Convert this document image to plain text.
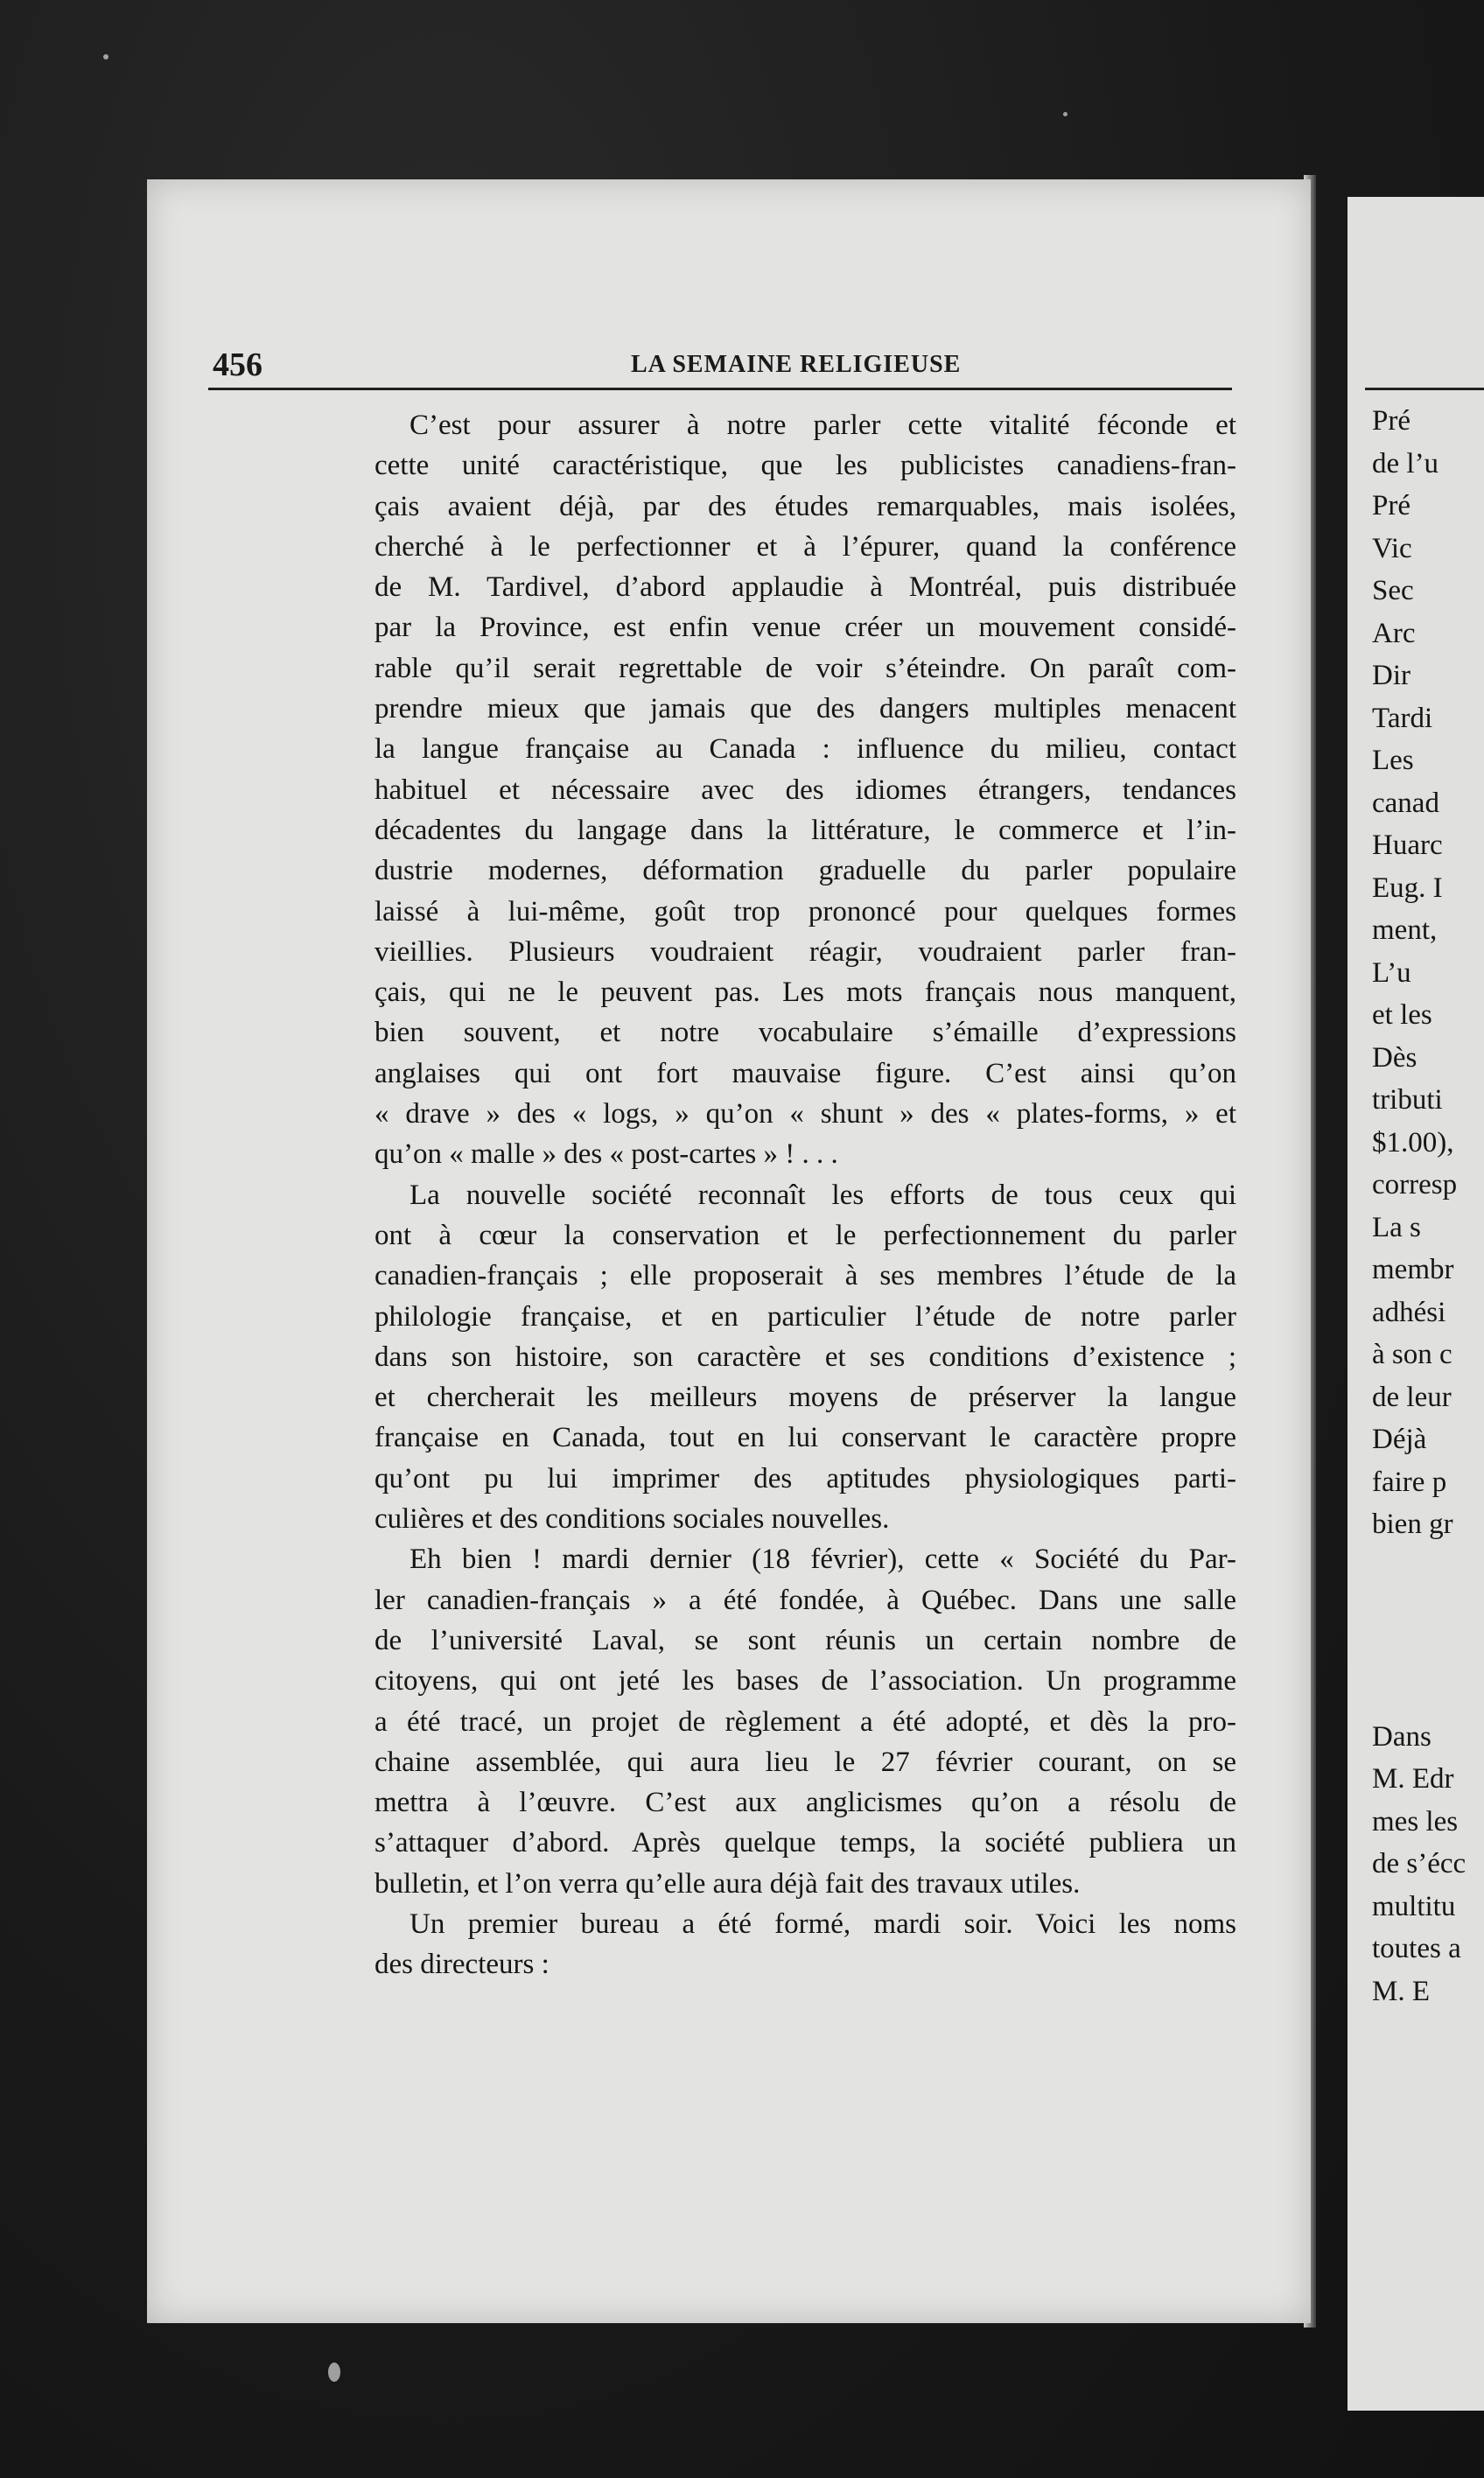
456	LA SEMAINE RELIGIEUSE
C’est pour assurer à notre parler cette vitalité féconde et
cette unité caractéristique, que les publicistes canadiens-fran-
çais avaient déjà, par des études remarquables, mais isolées,
cherché à le perfectionner et à l’épurer, quand la conférence
de M. Tardivel, d’abord applaudie à Montréal, puis distribuée
par la Province, est enfin venue créer un mouvement considé-
rable qu’il serait regrettable de voir s’éteindre. On paraît com-
prendre mieux que jamais que des dangers multiples menacent
la langue française au Canada : influence du milieu, contact
habituel et nécessaire avec des idiomes étrangers, tendances
décadentes du langage dans la littérature, le commerce et l’in-
dustrie modernes, déformation graduelle du parler populaire
laissé à lui-même, goût trop prononcé pour quelques formes
vieillies. Plusieurs voudraient réagir, voudraient parler fran-
çais, qui ne le peuvent pas. Les mots français nous manquent,
bien souvent, et notre vocabulaire s’émaille d’expressions
anglaises qui ont fort mauvaise figure. C’est ainsi qu’on
« drave » des « logs, » qu’on « shunt » des « plates-forms, » et
qu’on « malle » des « post-cartes » ! . . .
La nouvelle société reconnaît les efforts de tous ceux qui
ont à cœur la conservation et le perfectionnement du parler
canadien-français ; elle proposerait à ses membres l’étude de la
philologie française, et en particulier l’étude de notre parler
dans son histoire, son caractère et ses conditions d’existence ;
et chercherait les meilleurs moyens de préserver la langue
française en Canada, tout en lui conservant le caractère propre
qu’ont pu lui imprimer des aptitudes physiologiques parti-
culières et des conditions sociales nouvelles.
Eh bien ! mardi dernier (18 février), cette « Société du Par-
ler canadien-français » a été fondée, à Québec. Dans une salle
de l’université Laval, se sont réunis un certain nombre de
citoyens, qui ont jeté les bases de l’association. Un programme
a été tracé, un projet de règlement a été adopté, et dès la pro-
chaine assemblée, qui aura lieu le 27 février courant, on se
mettra à l’œuvre. C’est aux anglicismes qu’on a résolu de
s’attaquer d’abord. Après quelque temps, la société publiera un
bulletin, et l’on verra qu’elle aura déjà fait des travaux utiles.
Un premier bureau a été formé, mardi soir. Voici les noms
des directeurs :
Pré
de l’u
Pré
Vic
Sec
Arc
Dir
Tardi
Les
canad
Huarc
Eug. I
ment,
L’u
et les
Dès
tributi
$1.00),
corresp
La s
membr
adhési
à son c
de leur
Déjà
faire p
bien gr
Dans
M. Edr
mes les
de s’écc
multitu
toutes a
M. E
